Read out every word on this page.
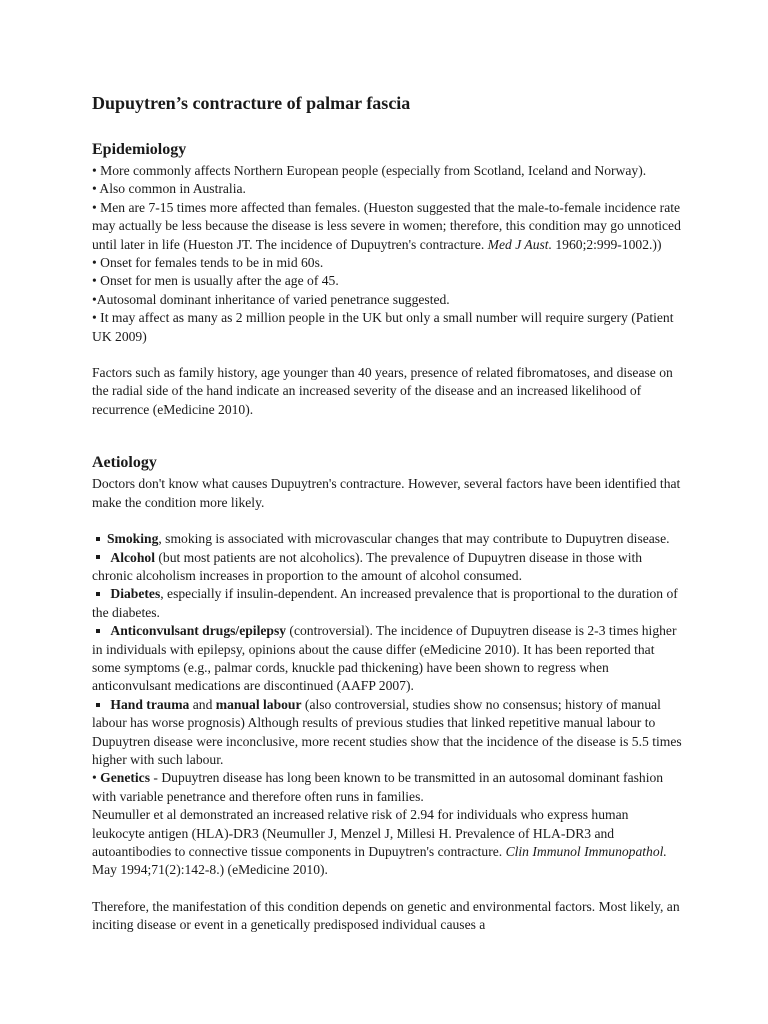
Dupuytren’s contracture of palmar fascia
Epidemiology

• More commonly affects Northern European people (especially from Scotland, Iceland and Norway).

• Also common in Australia.

• Men are 7-15 times more affected than females. (Hueston suggested that the male-to-female incidence rate may actually be less because the disease is less severe in women; therefore, this condition may go unnoticed until later in life (Hueston JT. The incidence of Dupuytren's contracture. Med J Aust. 1960;2:999-1002.))

• Onset for females tends to be in mid 60s.

• Onset for men is usually after the age of 45.

•Autosomal dominant inheritance of varied penetrance suggested.

• It may affect as many as 2 million people in the UK but only a small number will require surgery (Patient UK 2009)

Factors such as family history, age younger than 40 years, presence of related fibromatoses, and disease on the radial side of the hand indicate an increased severity of the disease and an increased likelihood of recurrence (eMedicine 2010).

Aetiology

Doctors don't know what causes Dupuytren's contracture. However, several factors have been identified that make the condition more likely.

Smoking, smoking is associated with microvascular changes that may contribute to Dupuytren disease.

Alcohol (but most patients are not alcoholics). The prevalence of Dupuytren disease in those with chronic alcoholism increases in proportion to the amount of alcohol consumed.

Diabetes, especially if insulin-dependent. An increased prevalence that is proportional to the duration of the diabetes.

Anticonvulsant drugs/epilepsy (controversial). The incidence of Dupuytren disease is 2-3 times higher in individuals with epilepsy, opinions about the cause differ (eMedicine 2010). It has been reported that some symptoms (e.g., palmar cords, knuckle pad thickening) have been shown to regress when anticonvulsant medications are discontinued (AAFP 2007).

Hand trauma and manual labour (also controversial, studies show no consensus; history of manual labour has worse prognosis) Although results of previous studies that linked repetitive manual labour to Dupuytren disease were inconclusive, more recent studies show that the incidence of the disease is 5.5 times higher with such labour.

• Genetics - Dupuytren disease has long been known to be transmitted in an autosomal dominant fashion with variable penetrance and therefore often runs in families.

Neumuller et al demonstrated an increased relative risk of 2.94 for individuals who express human leukocyte antigen (HLA)-DR3 (Neumuller J, Menzel J, Millesi H. Prevalence of HLA-DR3 and autoantibodies to connective tissue components in Dupuytren's contracture. Clin Immunol Immunopathol. May 1994;71(2):142-8.) (eMedicine 2010).

Therefore, the manifestation of this condition depends on genetic and environmental factors. Most likely, an inciting disease or event in a genetically predisposed individual causes a
